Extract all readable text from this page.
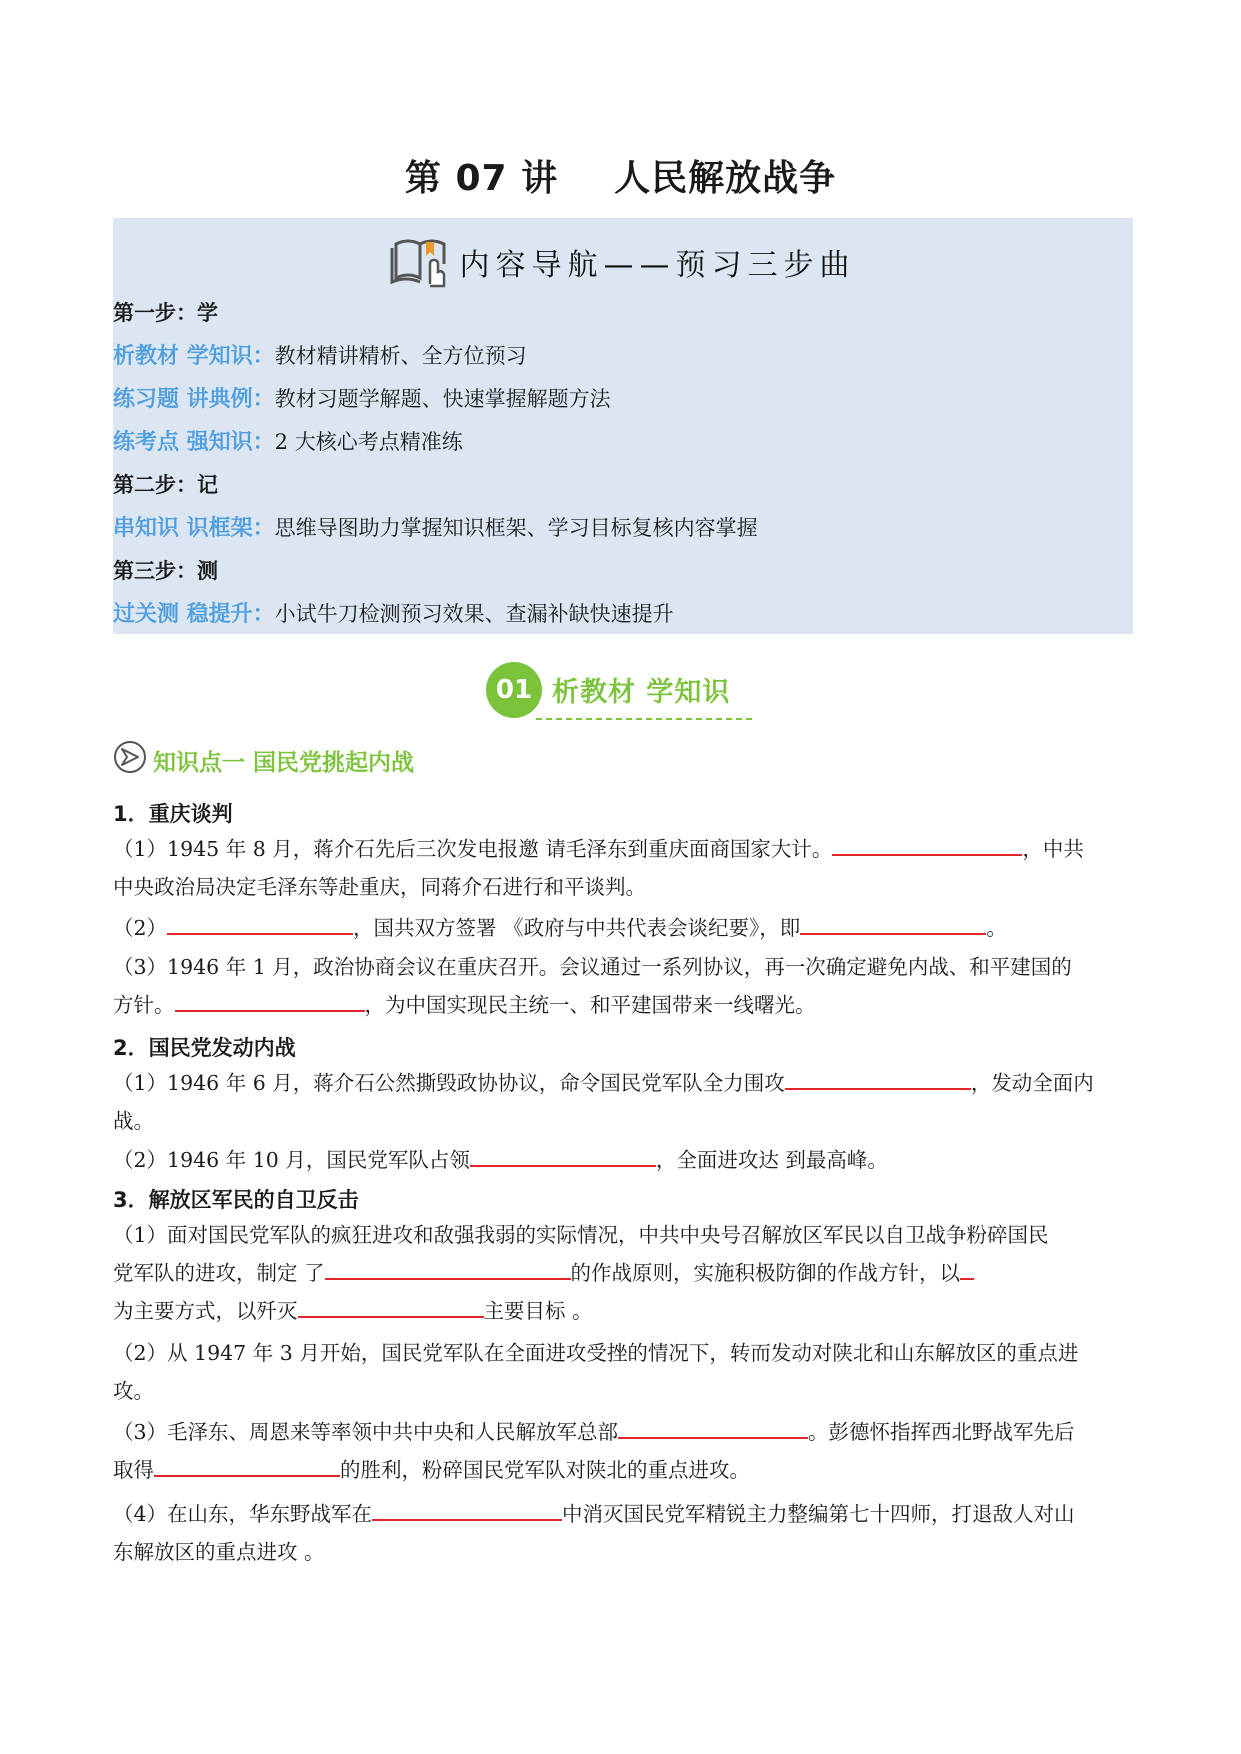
第 07 讲 人民解放战争
内容导航——预习三步曲
第一步：学
析教材 学知识：教材精讲精析、全方位预习
练习题 讲典例：教材习题学解题、快速掌握解题方法
练考点 强知识：2 大核心考点精准练
第二步：记
串知识 识框架：思维导图助力掌握知识框架、学习目标复核内容掌握
第三步：测
过关测 稳提升：小试牛刀检测预习效果、查漏补缺快速提升
01 析教材 学知识
知识点一 国民党挑起内战
1．重庆谈判
（1）1945 年 8 月，蒋介石先后三次发电报邀 请毛泽东到重庆面商国家大计。	，中共
中央政治局决定毛泽东等赴重庆，同蒋介石进行和平谈判。
（2）	，国共双方签署 《政府与中共代表会谈纪要》，即	。
（3）1946 年 1 月，政治协商会议在重庆召开。会议通过一系列协议，再一次确定避免内战、和平建国的
方针。	，为中国实现民主统一、和平建国带来一线曙光。
2．国民党发动内战
（1）1946 年 6 月，蒋介石公然撕毁政协协议，命令国民党军队全力围攻	，发动全面内
战。
（2）1946 年 10 月，国民党军队占领	，全面进攻达 到最高峰。
3．解放区军民的自卫反击
（1）面对国民党军队的疯狂进攻和敌强我弱的实际情况，中共中央号召解放区军民以自卫战争粉碎国民
党军队的进攻，制定 了	的作战原则，实施积极防御的作战方针，以
为主要方式，以歼灭	主要目标 。
（2）从 1947 年 3 月开始，国民党军队在全面进攻受挫的情况下，转而发动对陕北和山东解放区的重点进
攻。
（3）毛泽东、周恩来等率领中共中央和人民解放军总部	。彭德怀指挥西北野战军先后
取得	的胜利，粉碎国民党军队对陕北的重点进攻。
（4）在山东，华东野战军在	中消灭国民党军精锐主力整编第七十四师，打退敌人对山
东解放区的重点进攻 。
